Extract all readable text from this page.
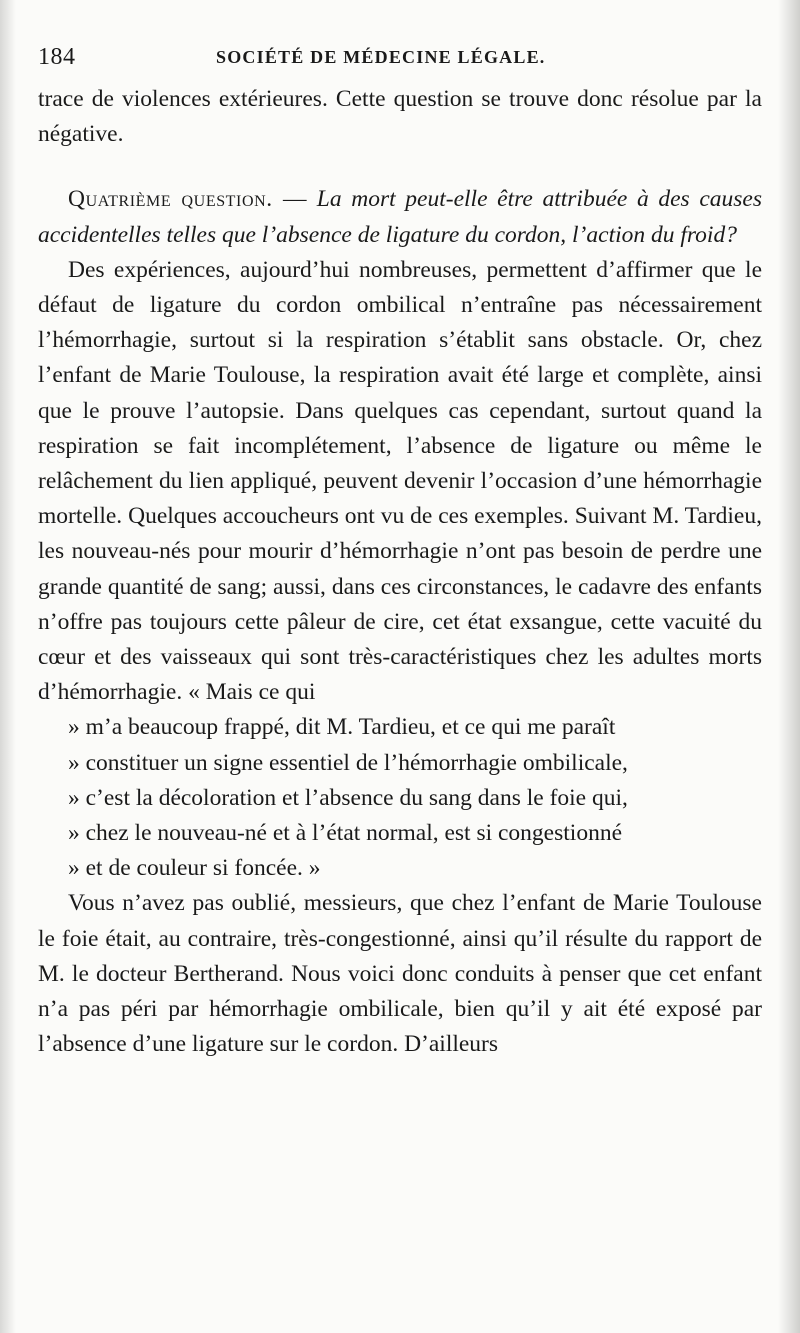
184	SOCIÉTÉ DE MÉDECINE LÉGALE.

trace de violences extérieures. Cette question se trouve donc résolue par la négative.

Quatrième question. — La mort peut-elle être attribuée à des causes accidentelles telles que l’absence de ligature du cordon, l’action du froid?

Des expériences, aujourd’hui nombreuses, permettent d’affirmer que le défaut de ligature du cordon ombilical n’entraîne pas nécessairement l’hémorrhagie, surtout si la respiration s’établit sans obstacle. Or, chez l’enfant de Marie Toulouse, la respiration avait été large et complète, ainsi que le prouve l’autopsie. Dans quelques cas cependant, surtout quand la respiration se fait incomplétement, l’absence de ligature ou même le relâchement du lien appliqué, peuvent devenir l’occasion d’une hémorrhagie mortelle. Quelques accoucheurs ont vu de ces exemples. Suivant M. Tardieu, les nouveau-nés pour mourir d’hémorrhagie n’ont pas besoin de perdre une grande quantité de sang; aussi, dans ces circonstances, le cadavre des enfants n’offre pas toujours cette pâleur de cire, cet état exsangue, cette vacuité du cœur et des vaisseaux qui sont très-caractéristiques chez les adultes morts d’hémorrhagie. « Mais ce qui
» m’a beaucoup frappé, dit M. Tardieu, et ce qui me paraît
» constituer un signe essentiel de l’hémorrhagie ombilicale,
» c’est la décoloration et l’absence du sang dans le foie qui,
» chez le nouveau-né et à l’état normal, est si congestionné
» et de couleur si foncée. »

Vous n’avez pas oublié, messieurs, que chez l’enfant de Marie Toulouse le foie était, au contraire, très-congestionné, ainsi qu’il résulte du rapport de M. le docteur Bertherand. Nous voici donc conduits à penser que cet enfant n’a pas péri par hémorrhagie ombilicale, bien qu’il y ait été exposé par l’absence d’une ligature sur le cordon. D’ailleurs
